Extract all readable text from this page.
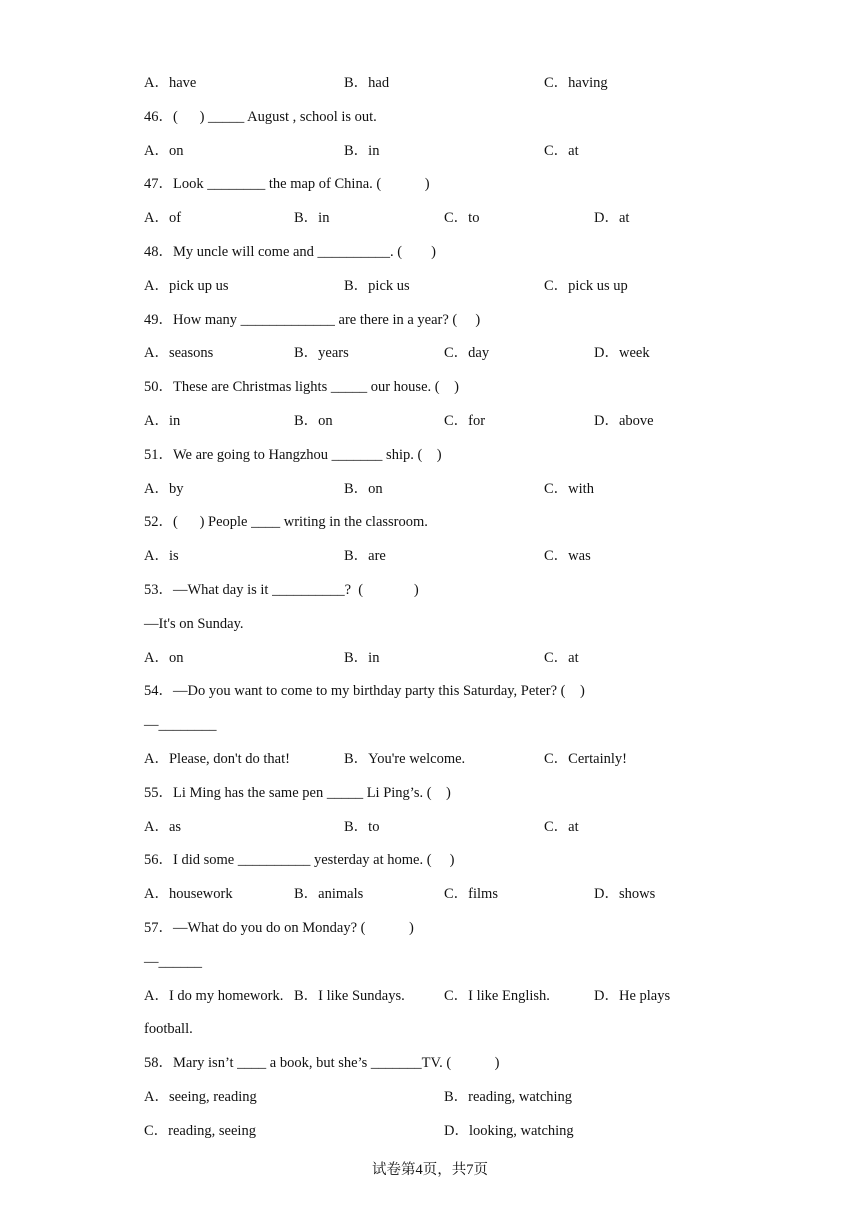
A．have	B．had	C．having
46．(      ) _____ August , school is out.
A．on	B．in	C．at
47．Look ________ the map of China. (            )
A．of	B．in	C．to	D．at
48．My uncle will come and __________. (        )
A．pick up us	B．pick us	C．pick us up
49．How many _____________ are there in a year? (     )
A．seasons	B．years	C．day	D．week
50．These are Christmas lights _____ our house. (    )
A．in	B．on	C．for	D．above
51．We are going to Hangzhou _______ ship. (    )
A．by	B．on	C．with
52．(      ) People ____ writing in the classroom.
A．is	B．are	C．was
53．—What day is it __________?  (              )
—It's on Sunday.
A．on	B．in	C．at
54．—Do you want to come to my birthday party this Saturday, Peter? (    )
—________
A．Please, don't do that!	B．You're welcome.	C．Certainly!
55．Li Ming has the same pen _____ Li Ping’s. (    )
A．as	B．to	C．at
56．I did some __________ yesterday at home. (     )
A．housework	B．animals	C．films	D．shows
57．—What do you do on Monday? (            )
—______
A．I do my homework. B．I like Sundays.	C．I like English.	D．He plays
football.
58．Mary isn’t ____ a book, but she’s _______TV. (            )
A．seeing, reading	B．reading, watching
C．reading, seeing	D．looking, watching
试卷第4页，共7页
